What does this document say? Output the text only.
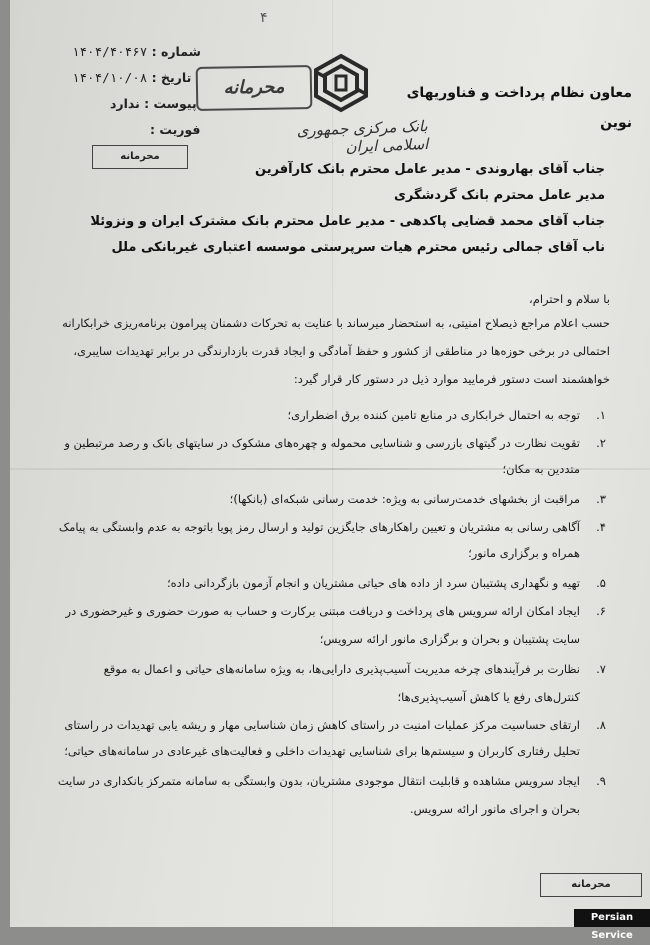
۴
شماره : ۱۴۰۴/۴۰۴۶۷
تاریخ : ۱۴۰۴/۱۰/۰۸
پیوست : ندارد
فوریت :
محرمانه
محرمانه
بانک مرکزی جمهوری اسلامی ایران
معاون نظام پرداخت و فناوریهای
نوین
جناب آقای بهاروندی - مدیر عامل محترم بانک کارآفرین
مدیر عامل محترم بانک گردشگری
جناب آقای محمد قضایی پاکدهی - مدیر عامل محترم بانک مشترک ایران و ونزوئلا
ناب آقای جمالی رئیس محترم هیات سرپرستی موسسه اعتباری غیربانکی ملل
با سلام و احترام،
حسب اعلام مراجع ذیصلاح امنیتی، به استحضار میرساند با عنایت به تحرکات دشمنان پیرامون برنامه‌ریزی خرابکارانه
احتمالی در برخی حوزه‌ها در مناطقی از کشور و حفظ آمادگی و ایجاد قدرت بازدارندگی در برابر تهدیدات سایبری،
خواهشمند است دستور فرمایید موارد ذیل در دستور کار قرار گیرد:
.۱
توجه به احتمال خرابکاری در منابع تامین کننده برق اضطراری؛
.۲
تقویت نظارت در گیتهای بازرسی و شناسایی محموله و چهره‌های مشکوک در سایتهای بانک و رصد مرتبطین و
متددین به مکان؛
.۳
مراقبت از بخشهای خدمت‌رسانی به ویژه: خدمت رسانی شبکه‌ای (بانکها)؛
.۴
آگاهی رسانی به مشتریان و تعیین راهکارهای جایگزین تولید و ارسال رمز پویا باتوجه به عدم وابستگی به پیامک
همراه و برگزاری مانور؛
.۵
تهیه و نگهداری پشتیبان سرد از داده های حیاتی مشتریان و انجام آزمون بازگردانی داده؛
.۶
ایجاد امکان ارائه سرویس های پرداخت و دریافت مبتنی برکارت و حساب به صورت حضوری و غیرحضوری در
سایت پشتیبان و بحران و برگزاری مانور ارائه سرویس؛
.۷
نظارت بر فرآیندهای چرخه مدیریت آسیب‌پذیری دارایی‌ها، به ویژه سامانه‌های حیاتی و اعمال به موقع
کنترل‌های رفع یا کاهش آسیب‌پذیری‌ها؛
.۸
ارتقای حساسیت مرکز عملیات امنیت در راستای کاهش زمان شناسایی مهار و ریشه یابی تهدیدات در راستای
تحلیل رفتاری کاربران و سیستم‌ها برای شناسایی تهدیدات داخلی و فعالیت‌های غیرعادی در سامانه‌های حیاتی؛
.۹
ایجاد سرویس مشاهده و قابلیت انتقال موجودی مشتریان، بدون وابستگی به سامانه متمرکز بانکداری در سایت
بحران و اجرای مانور ارائه سرویس.
محرمانه
Persian
